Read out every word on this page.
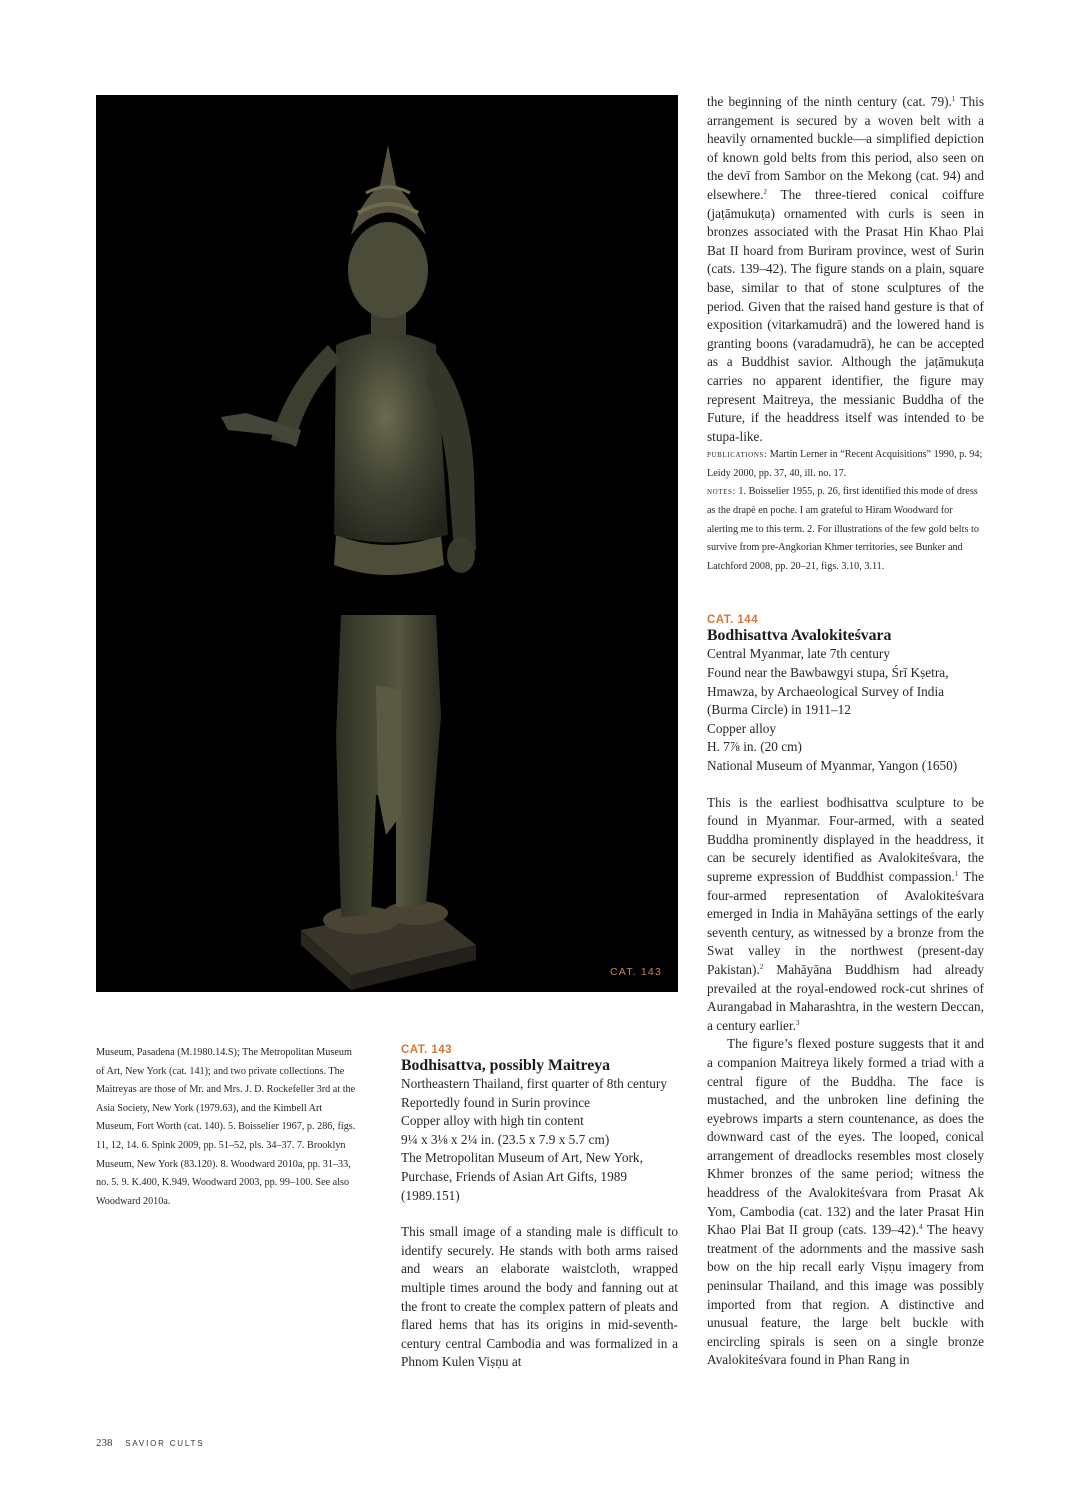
CAT. 143

the beginning of the ninth century (cat. 79).$^1$ This arrangement is secured by a woven belt with a heavily ornamented buckle—a simplified depiction of known gold belts from this period, also seen on the devī from Sambor on the Mekong (cat. 94) and elsewhere.$^2$ The three-tiered conical coiffure (jaṭāmukuṭa) ornamented with curls is seen in bronzes associated with the Prasat Hin Khao Plai Bat II hoard from Buriram province, west of Surin (cats. 139–42). The figure stands on a plain, square base, similar to that of stone sculptures of the period. Given that the raised hand gesture is that of exposition (vitarkamudrā) and the lowered hand is granting boons (varadamudrā), he can be accepted as a Buddhist savior. Although the jaṭāmukuṭa carries no apparent identifier, the figure may represent Maitreya, the messianic Buddha of the Future, if the headdress itself was intended to be stupa-like.

publications: Martin Lerner in “Recent Acquisitions” 1990, p. 94; Leidy 2000, pp. 37, 40, ill. no. 17.

notes: 1. Boisselier 1955, p. 26, first identified this mode of dress as the drapé en poche. I am grateful to Hiram Woodward for alerting me to this term. 2. For illustrations of the few gold belts to survive from pre-Angkorian Khmer territories, see Bunker and Latchford 2008, pp. 20–21, figs. 3.10, 3.11.

CAT. 144

Bodhisattva Avalokiteśvara

Central Myanmar, late 7th century

Found near the Bawbawgyi stupa, Śrī Kṣetra, Hmawza, by Archaeological Survey of India (Burma Circle) in 1911–12

Copper alloy

H. 7⅞ in. (20 cm)

National Museum of Myanmar, Yangon (1650)

This is the earliest bodhisattva sculpture to be found in Myanmar. Four-armed, with a seated Buddha prominently displayed in the headdress, it can be securely identified as Avalokiteśvara, the supreme expression of Buddhist compassion.$^1$ The four-armed representation of Avalokiteśvara emerged in India in Mahāyāna settings of the early seventh century, as witnessed by a bronze from the Swat valley in the northwest (present-day Pakistan).$^2$ Mahāyāna Buddhism had already prevailed at the royal-endowed rock-cut shrines of Aurangabad in Maharashtra, in the western Deccan, a century earlier.$^3$

The figure’s flexed posture suggests that it and a companion Maitreya likely formed a triad with a central figure of the Buddha. The face is mustached, and the unbroken line defining the eyebrows imparts a stern countenance, as does the downward cast of the eyes. The looped, conical arrangement of dreadlocks resembles most closely Khmer bronzes of the same period; witness the headdress of the Avalokiteśvara from Prasat Ak Yom, Cambodia (cat. 132) and the later Prasat Hin Khao Plai Bat II group (cats. 139–42).$^4$ The heavy treatment of the adornments and the massive sash bow on the hip recall early Viṣṇu imagery from peninsular Thailand, and this image was possibly imported from that region. A distinctive and unusual feature, the large belt buckle with encircling spirals is seen on a single bronze Avalokiteśvara found in Phan Rang in

Museum, Pasadena (M.1980.14.S); The Metropolitan Museum of Art, New York (cat. 141); and two private collections. The Maitreyas are those of Mr. and Mrs. J. D. Rockefeller 3rd at the Asia Society, New York (1979.63), and the Kimbell Art Museum, Fort Worth (cat. 140). 5. Boisselier 1967, p. 286, figs. 11, 12, 14. 6. Spink 2009, pp. 51–52, pls. 34–37. 7. Brooklyn Museum, New York (83.120). 8. Woodward 2010a, pp. 31–33, no. 5. 9. K.400, K.949. Woodward 2003, pp. 99–100. See also Woodward 2010a.

CAT. 143

Bodhisattva, possibly Maitreya

Northeastern Thailand, first quarter of 8th century

Reportedly found in Surin province

Copper alloy with high tin content

9¼ x 3⅛ x 2¼ in. (23.5 x 7.9 x 5.7 cm)

The Metropolitan Museum of Art, New York, Purchase, Friends of Asian Art Gifts, 1989 (1989.151)

This small image of a standing male is difficult to identify securely. He stands with both arms raised and wears an elaborate waistcloth, wrapped multiple times around the body and fanning out at the front to create the complex pattern of pleats and flared hems that has its origins in mid-seventh-century central Cambodia and was formalized in a Phnom Kulen Viṣṇu at

238 SAVIOR CULTS
